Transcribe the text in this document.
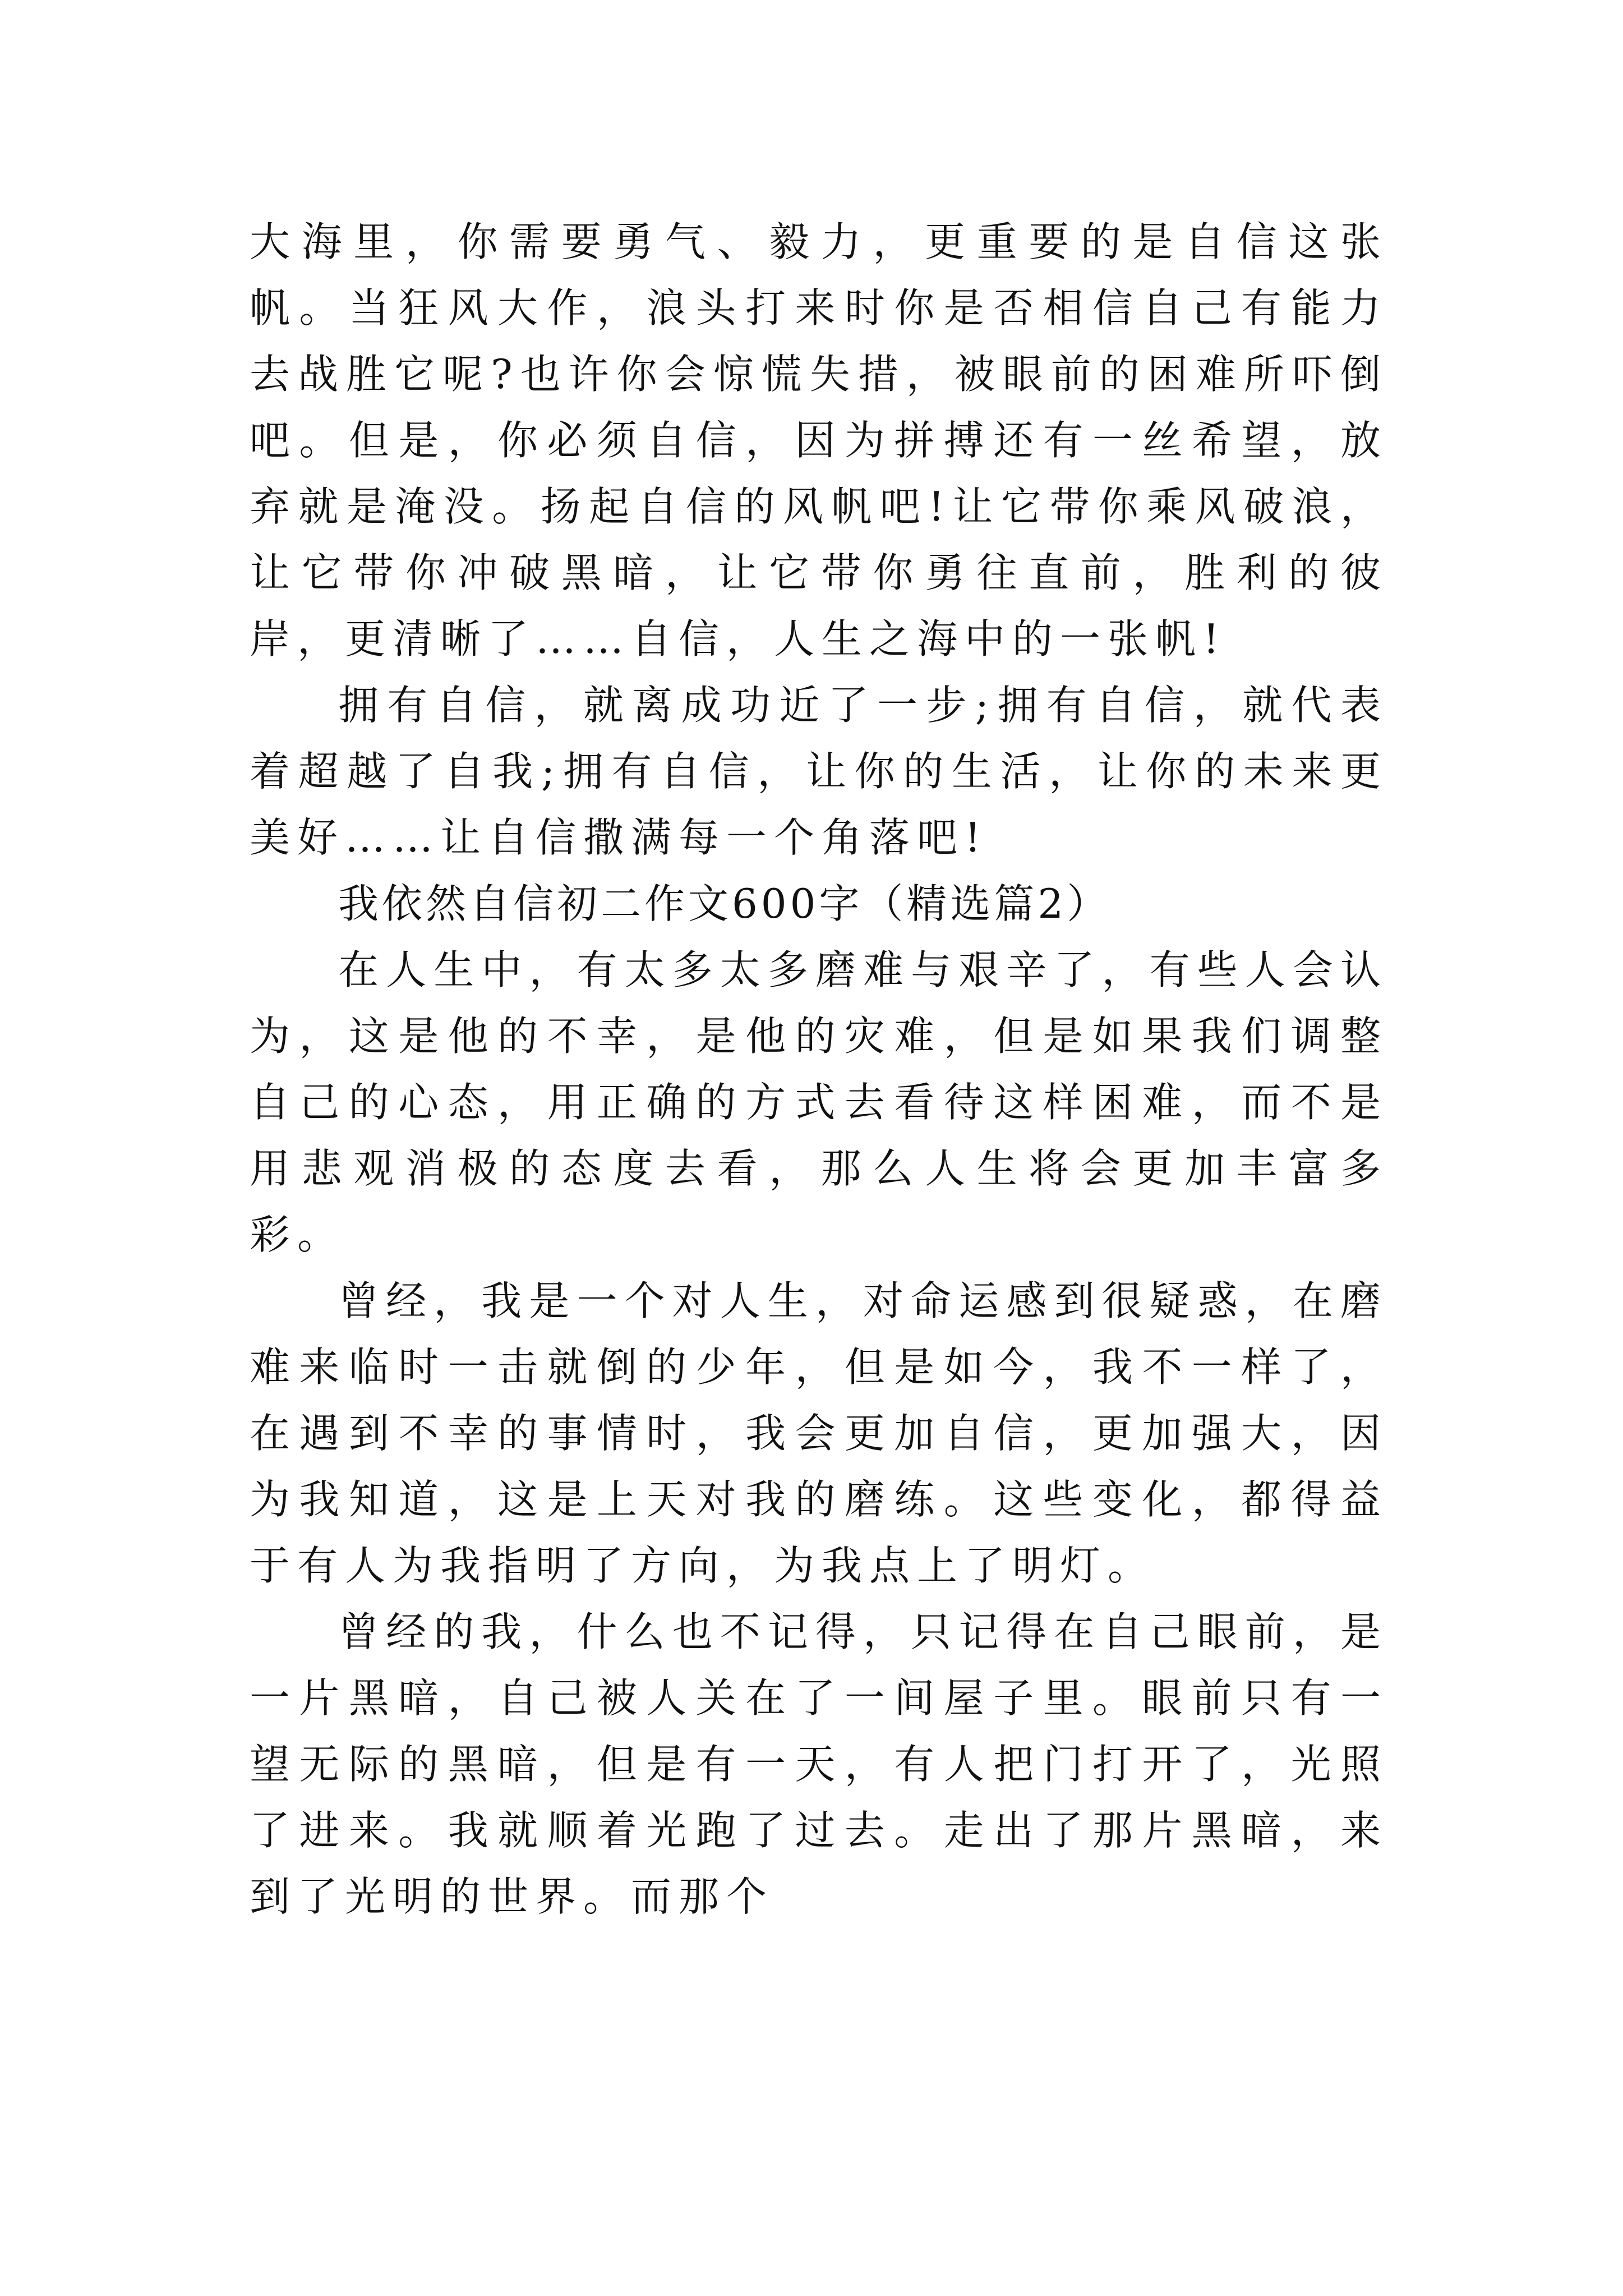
大海里，你需要勇气、毅力，更重要的是自信这张帆。当狂风大作，浪头打来时你是否相信自己有能力去战胜它呢?也许你会惊慌失措，被眼前的困难所吓倒吧。但是，你必须自信，因为拼搏还有一丝希望，放弃就是淹没。扬起自信的风帆吧!让它带你乘风破浪，让它带你冲破黑暗，让它带你勇往直前，胜利的彼岸，更清晰了……自信，人生之海中的一张帆!

拥有自信，就离成功近了一步;拥有自信，就代表着超越了自我;拥有自信，让你的生活，让你的未来更美好……让自信撒满每一个角落吧!

我依然自信初二作文600字（精选篇2）

在人生中，有太多太多磨难与艰辛了，有些人会认为，这是他的不幸，是他的灾难，但是如果我们调整自己的心态，用正确的方式去看待这样困难，而不是用悲观消极的态度去看，那么人生将会更加丰富多彩。

曾经，我是一个对人生，对命运感到很疑惑，在磨难来临时一击就倒的少年，但是如今，我不一样了，在遇到不幸的事情时，我会更加自信，更加强大，因为我知道，这是上天对我的磨练。这些变化，都得益于有人为我指明了方向，为我点上了明灯。

曾经的我，什么也不记得，只记得在自己眼前，是一片黑暗，自己被人关在了一间屋子里。眼前只有一望无际的黑暗，但是有一天，有人把门打开了，光照了进来。我就顺着光跑了过去。走出了那片黑暗，来到了光明的世界。而那个
